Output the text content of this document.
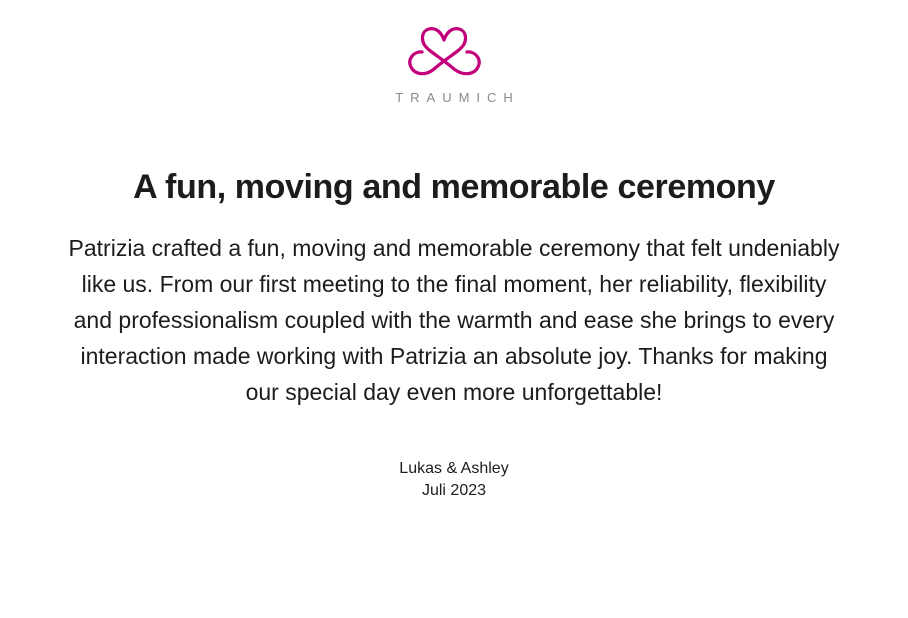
TRAUMICH
A fun, moving and memorable ceremony

Patrizia crafted a fun, moving and memorable ceremony that felt undeniably like us. From our first meeting to the final moment, her reliability, flexibility and professionalism coupled with the warmth and ease she brings to every interaction made working with Patrizia an absolute joy. Thanks for making our special day even more unforgettable!

Lukas & Ashley
Juli 2023
